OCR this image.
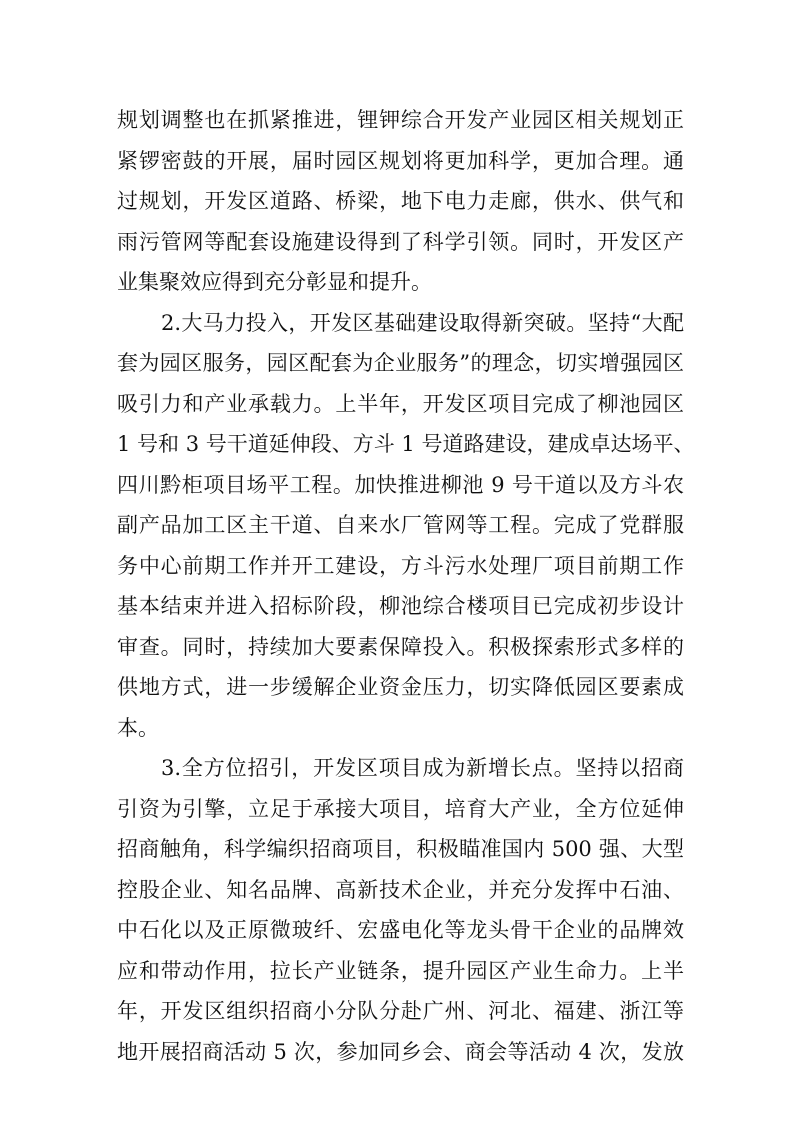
规划调整也在抓紧推进，锂钾综合开发产业园区相关规划正
紧锣密鼓的开展，届时园区规划将更加科学，更加合理。通
过规划，开发区道路、桥梁，地下电力走廊，供水、供气和
雨污管网等配套设施建设得到了科学引领。同时，开发区产
业集聚效应得到充分彰显和提升。
2.大马力投入，开发区基础建设取得新突破。坚持“大配
套为园区服务，园区配套为企业服务”的理念，切实增强园区
吸引力和产业承载力。上半年，开发区项目完成了柳池园区
1 号和 3 号干道延伸段、方斗 1 号道路建设，建成卓达场平、
四川黔柜项目场平工程。加快推进柳池 9 号干道以及方斗农
副产品加工区主干道、自来水厂管网等工程。完成了党群服
务中心前期工作并开工建设，方斗污水处理厂项目前期工作
基本结束并进入招标阶段，柳池综合楼项目已完成初步设计
审查。同时，持续加大要素保障投入。积极探索形式多样的
供地方式，进一步缓解企业资金压力，切实降低园区要素成
本。
3.全方位招引，开发区项目成为新增长点。坚持以招商
引资为引擎，立足于承接大项目，培育大产业，全方位延伸
招商触角，科学编织招商项目，积极瞄准国内 500 强、大型
控股企业、知名品牌、高新技术企业，并充分发挥中石油、
中石化以及正原微玻纤、宏盛电化等龙头骨干企业的品牌效
应和带动作用，拉长产业链条，提升园区产业生命力。上半
年，开发区组织招商小分队分赴广州、河北、福建、浙江等
地开展招商活动 5 次，参加同乡会、商会等活动 4 次，发放
